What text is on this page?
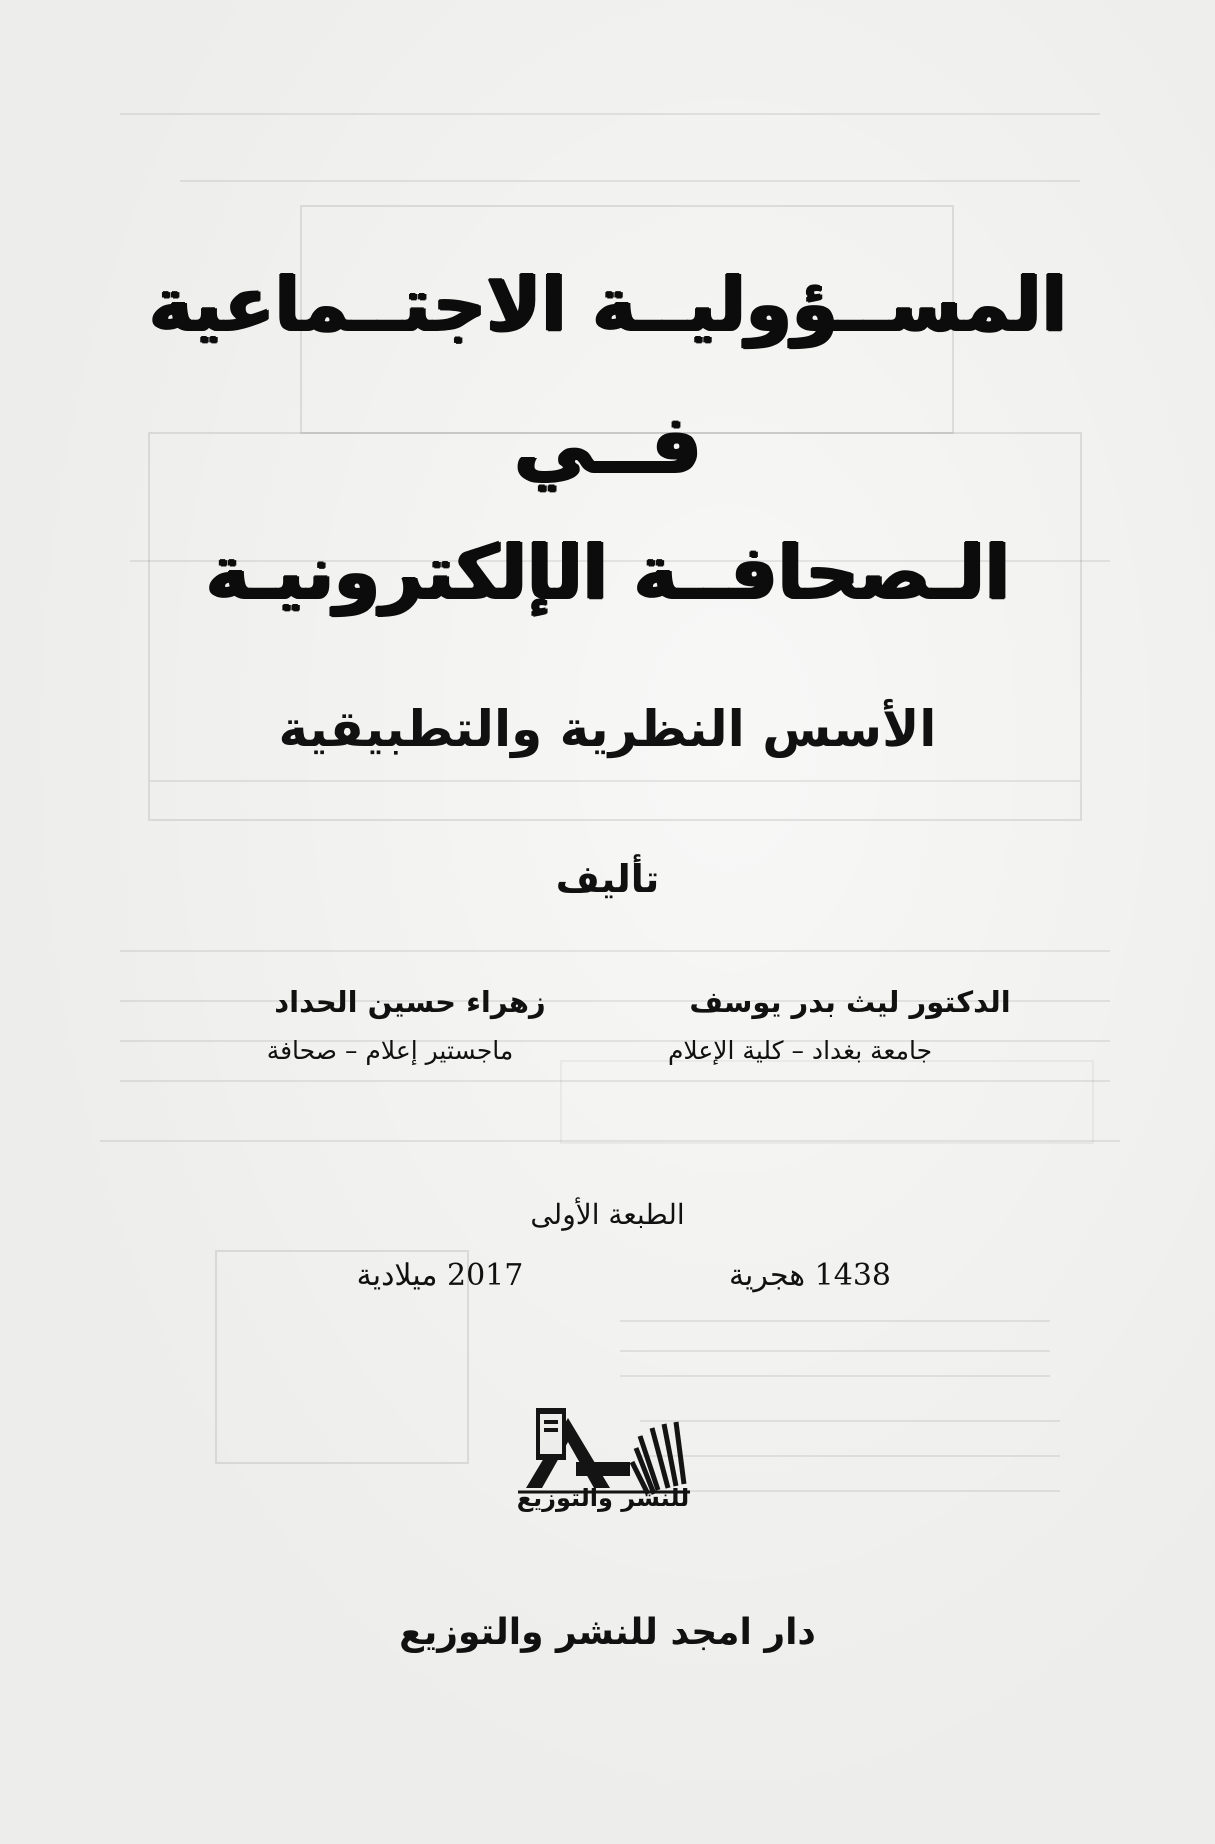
المســؤوليــة الاجتــماعية
فــي
الـصحافــة الإلكترونيـة
الأسس النظرية والتطبيقية
تأليف
الدكتور ليث بدر يوسف
زهراء حسين الحداد
جامعة بغداد – كلية الإعلام
ماجستير إعلام – صحافة
الطبعة الأولى
1438 هجرية
2017 ميلادية
للنشر والتوزيع
دار امجد للنشر والتوزيع
